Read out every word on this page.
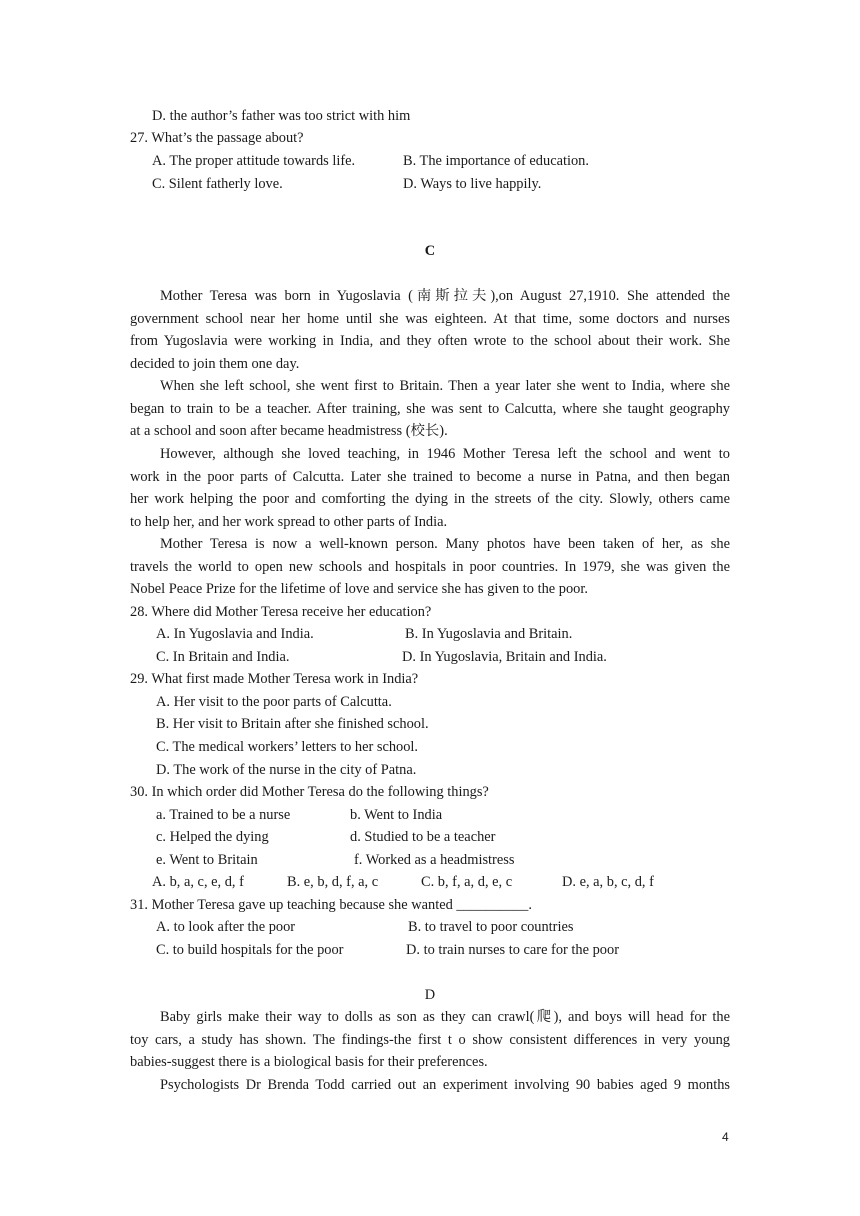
D. the author’s father was too strict with him
27. What’s the passage about?
A. The proper attitude towards life.	B. The importance of education.
C. Silent fatherly love.	D. Ways to live happily.
C
Mother Teresa was born in Yugoslavia (南斯拉夫),on August 27,1910. She attended the
government school near her home until she was eighteen. At that time, some doctors and nurses
from Yugoslavia were working in India, and they often wrote to the school about their work. She
decided to join them one day.
When she left school, she went first to Britain. Then a year later she went to India, where she
began to train to be a teacher. After training, she was sent to Calcutta, where she taught geography
at a school and soon after became headmistress (校长).
However, although she loved teaching, in 1946 Mother Teresa left the school and went to
work in the poor parts of Calcutta. Later she trained to become a nurse in Patna, and then began
her work helping the poor and comforting the dying in the streets of the city. Slowly, others came
to help her, and her work spread to other parts of India.
Mother Teresa is now a well-known person. Many photos have been taken of her, as she
travels the world to open new schools and hospitals in poor countries. In 1979, she was given the
Nobel Peace Prize for the lifetime of love and service she has given to the poor.
28. Where did Mother Teresa receive her education?
A. In Yugoslavia and India.	B. In Yugoslavia and Britain.
C. In Britain and India.	D. In Yugoslavia, Britain and India.
29. What first made Mother Teresa work in India?
A. Her visit to the poor parts of Calcutta.
B. Her visit to Britain after she finished school.
C. The medical workers’ letters to her school.
D. The work of the nurse in the city of Patna.
30. In which order did Mother Teresa do the following things?
a. Trained to be a nurse	b. Went to India
c. Helped the dying	d. Studied to be a teacher
e. Went to Britain	f. Worked as a headmistress
A. b, a, c, e, d, f	B. e, b, d, f, a, c	C. b, f, a, d, e, c	D. e, a, b, c, d, f
31. Mother Teresa gave up teaching because she wanted __________.
A. to look after the poor	B. to travel to poor countries
C. to build hospitals for the poor	D. to train nurses to care for the poor
D
Baby girls make their way to dolls as son as they can crawl(爬), and boys will head for the
toy cars, a study has shown. The findings-the first t o show consistent differences in very young
babies-suggest there is a biological basis for their preferences.
Psychologists Dr Brenda Todd carried out an experiment involving 90 babies aged 9 months
4
